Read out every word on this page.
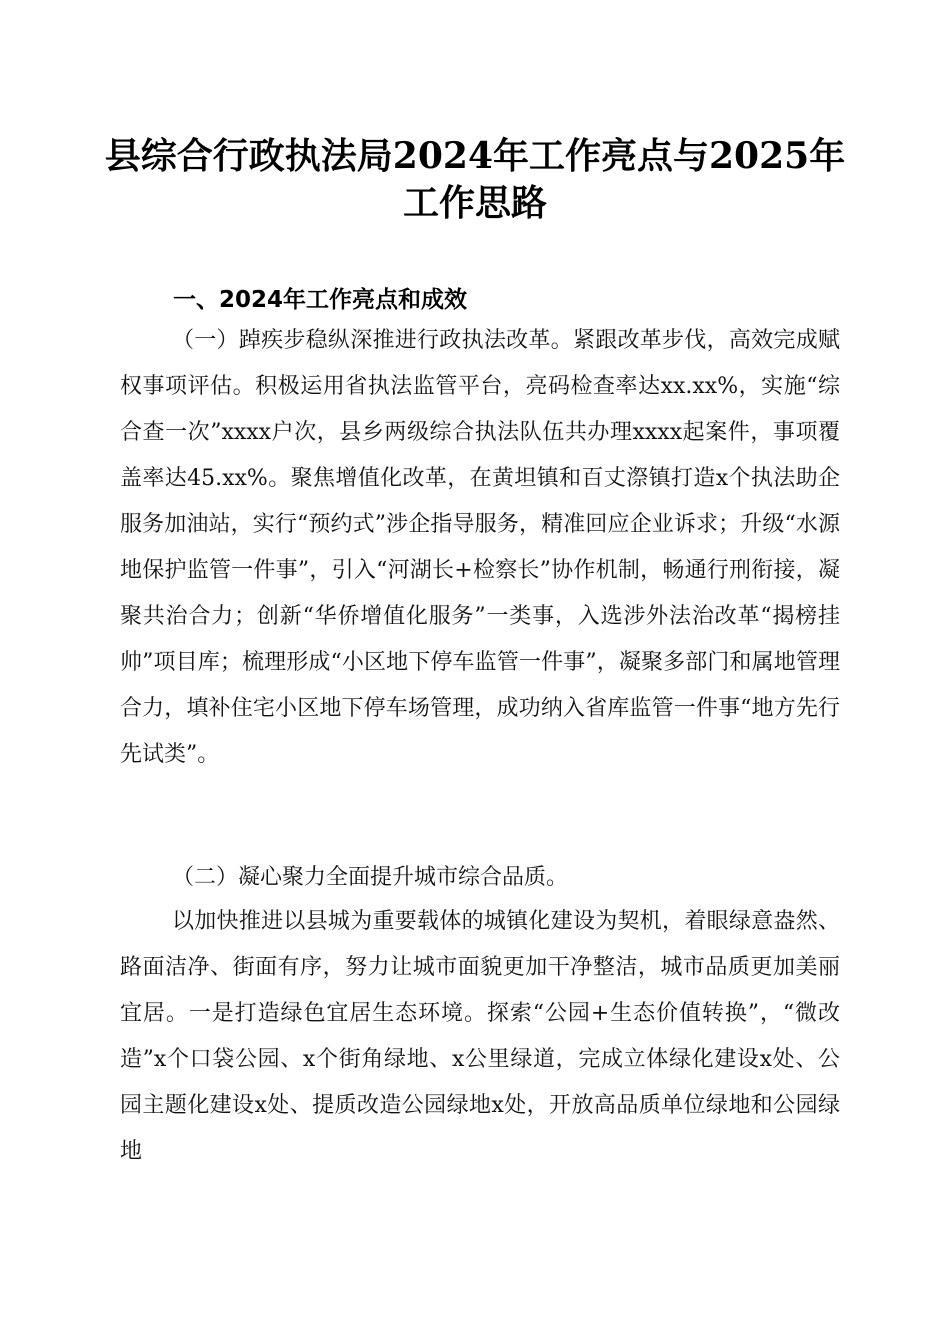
县综合行政执法局2024年工作亮点与2025年
工作思路
一、2024年工作亮点和成效

（一）踔疾步稳纵深推进行政执法改革。紧跟改革步伐，高效完成赋权事项评估。积极运用省执法监管平台，亮码检查率达xx.xx%，实施“综合查一次”xxxx户次，县乡两级综合执法队伍共办理xxxx起案件，事项覆盖率达45.xx%。聚焦增值化改革，在黄坦镇和百丈漈镇打造x个执法助企服务加油站，实行“预约式”涉企指导服务，精准回应企业诉求；升级“水源地保护监管一件事”，引入“河湖长+检察长”协作机制，畅通行刑衔接，凝聚共治合力；创新“华侨增值化服务”一类事，入选涉外法治改革“揭榜挂帅”项目库；梳理形成“小区地下停车监管一件事”，凝聚多部门和属地管理合力，填补住宅小区地下停车场管理，成功纳入省库监管一件事“地方先行先试类”。

（二）凝心聚力全面提升城市综合品质。

以加快推进以县城为重要载体的城镇化建设为契机，着眼绿意盎然、路面洁净、街面有序，努力让城市面貌更加干净整洁，城市品质更加美丽宜居。一是打造绿色宜居生态环境。探索“公园+生态价值转换”，“微改造”x个口袋公园、x个街角绿地、x公里绿道，完成立体绿化建设x处、公园主题化建设x处、提质改造公园绿地x处，开放高品质单位绿地和公园绿地
